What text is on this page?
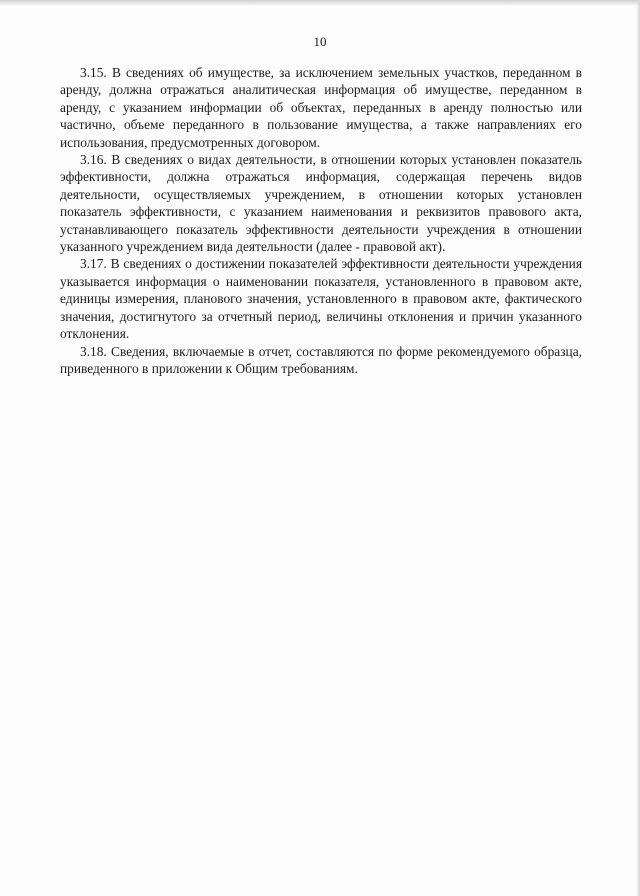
10

3.15. В сведениях об имуществе, за исключением земельных участков, переданном в аренду, должна отражаться аналитическая информация об имуществе, переданном в аренду, с указанием информации об объектах, переданных в аренду полностью или частично, объеме переданного в пользование имущества, а также направлениях его использования, предусмотренных договором.

3.16. В сведениях о видах деятельности, в отношении которых установлен показатель эффективности, должна отражаться информация, содержащая перечень видов деятельности, осуществляемых учреждением, в отношении которых установлен показатель эффективности, с указанием наименования и реквизитов правового акта, устанавливающего показатель эффективности деятельности учреждения в отношении указанного учреждением вида деятельности (далее - правовой акт).

3.17. В сведениях о достижении показателей эффективности деятельности учреждения указывается информация о наименовании показателя, установленного в правовом акте, единицы измерения, планового значения, установленного в правовом акте, фактического значения, достигнутого за отчетный период, величины отклонения и причин указанного отклонения.

3.18. Сведения, включаемые в отчет, составляются по форме рекомендуемого образца, приведенного в приложении к Общим требованиям.
